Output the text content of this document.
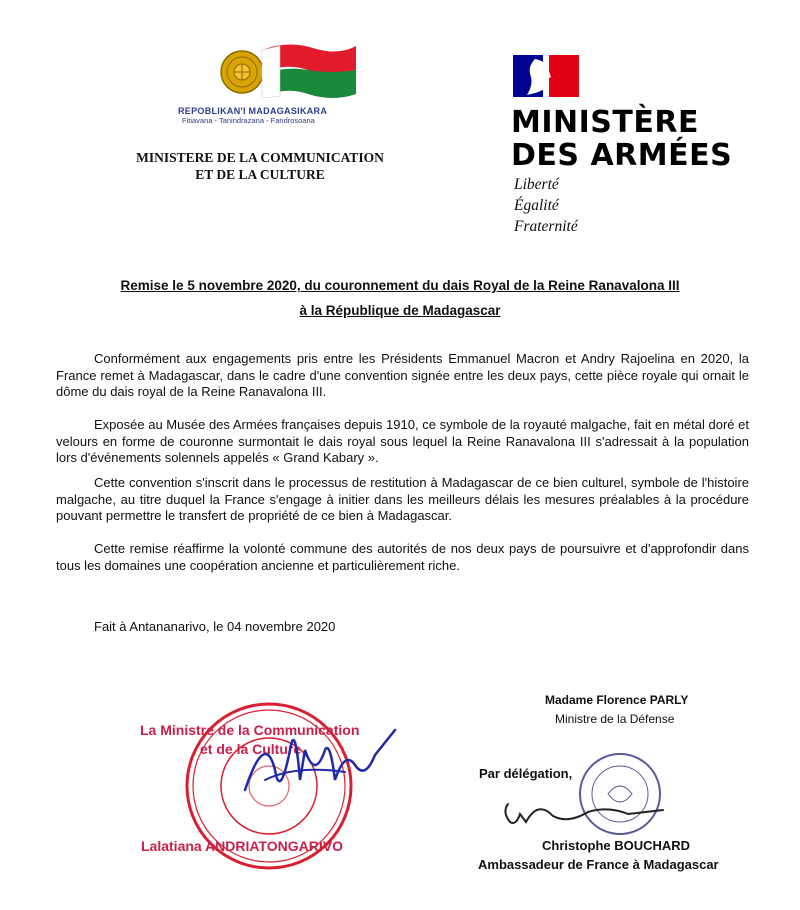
REPOBLIKAN'I MADAGASIKARA
Fitiavana - Tanindrazana - Fandrosoana
MINISTERE DE LA COMMUNICATION
ET DE LA CULTURE
MINISTÈRE
DES ARMÉES
Liberté
Égalité
Fraternité
Remise le 5 novembre 2020, du couronnement du dais Royal de la Reine Ranavalona III
à la République de Madagascar
Conformément aux engagements pris entre les Présidents Emmanuel Macron et Andry Rajoelina en 2020, la France remet à Madagascar, dans le cadre d'une convention signée entre les deux pays, cette pièce royale qui ornait le dôme du dais royal de la Reine Ranavalona III.
Exposée au Musée des Armées françaises depuis 1910, ce symbole de la royauté malgache, fait en métal doré et velours en forme de couronne surmontait le dais royal sous lequel la Reine Ranavalona III s'adressait à la population lors d'événements solennels appelés « Grand Kabary ».
Cette convention s'inscrit dans le processus de restitution à Madagascar de ce bien culturel, symbole de l'histoire malgache, au titre duquel la France s'engage à initier dans les meilleurs délais les mesures préalables à la procédure pouvant permettre le transfert de propriété de ce bien à Madagascar.
Cette remise réaffirme la volonté commune des autorités de nos deux pays de poursuivre et d'approfondir dans tous les domaines une coopération ancienne et particulièrement riche.
Fait à Antananarivo, le 04 novembre 2020
La Ministre de la Communication
et de la Culture
Lalatiana ANDRIATONGARIVO
Madame Florence PARLY
Ministre de la Défense
Par délégation,
Christophe BOUCHARD
Ambassadeur de France à Madagascar
